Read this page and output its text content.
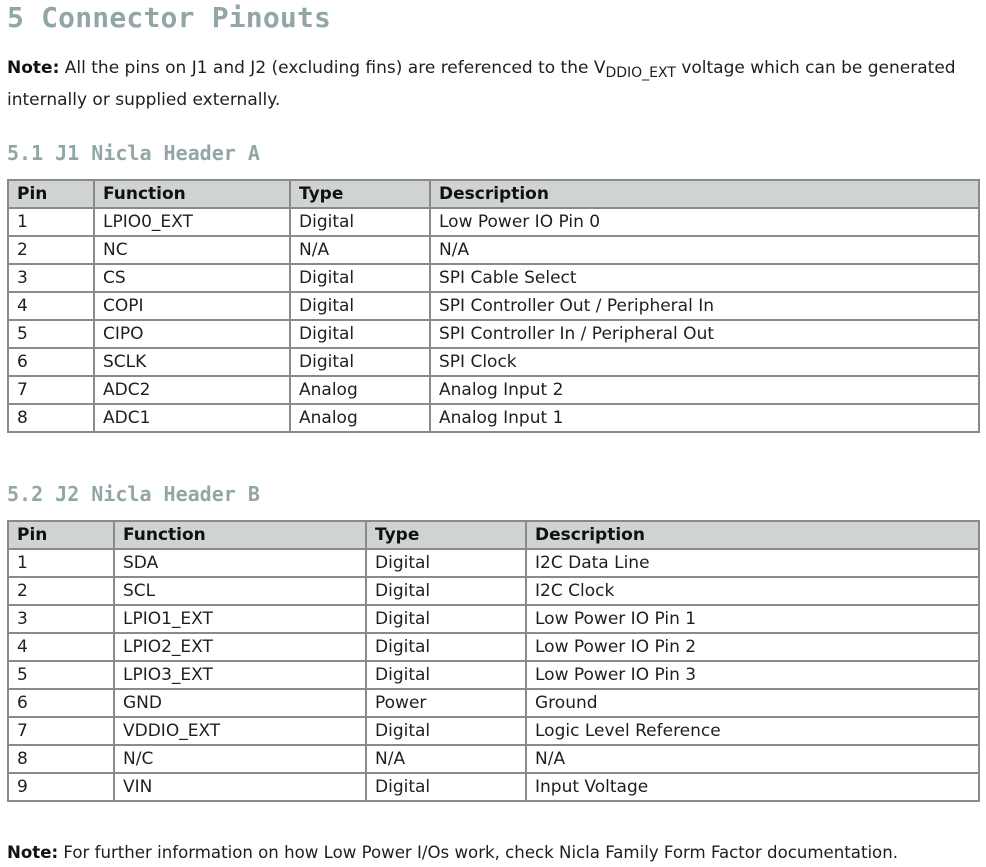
5 Connector Pinouts

Note: All the pins on J1 and J2 (excluding fins) are referenced to the $V_{DDIO\_EXT}$ voltage which can be generated internally or supplied externally.

5.1 J1 Nicla Header A
Pin	Function	Type	Description
1	LPIO0_EXT	Digital	Low Power IO Pin 0
2	NC	N/A	N/A
3	CS	Digital	SPI Cable Select
4	COPI	Digital	SPI Controller Out / Peripheral In
5	CIPO	Digital	SPI Controller In / Peripheral Out
6	SCLK	Digital	SPI Clock
7	ADC2	Analog	Analog Input 2
8	ADC1	Analog	Analog Input 1
5.2 J2 Nicla Header B
Pin	Function	Type	Description
1	SDA	Digital	I2C Data Line
2	SCL	Digital	I2C Clock
3	LPIO1_EXT	Digital	Low Power IO Pin 1
4	LPIO2_EXT	Digital	Low Power IO Pin 2
5	LPIO3_EXT	Digital	Low Power IO Pin 3
6	GND	Power	Ground
7	VDDIO_EXT	Digital	Logic Level Reference
8	N/C	N/A	N/A
9	VIN	Digital	Input Voltage

Note: For further information on how Low Power I/Os work, check Nicla Family Form Factor documentation.
